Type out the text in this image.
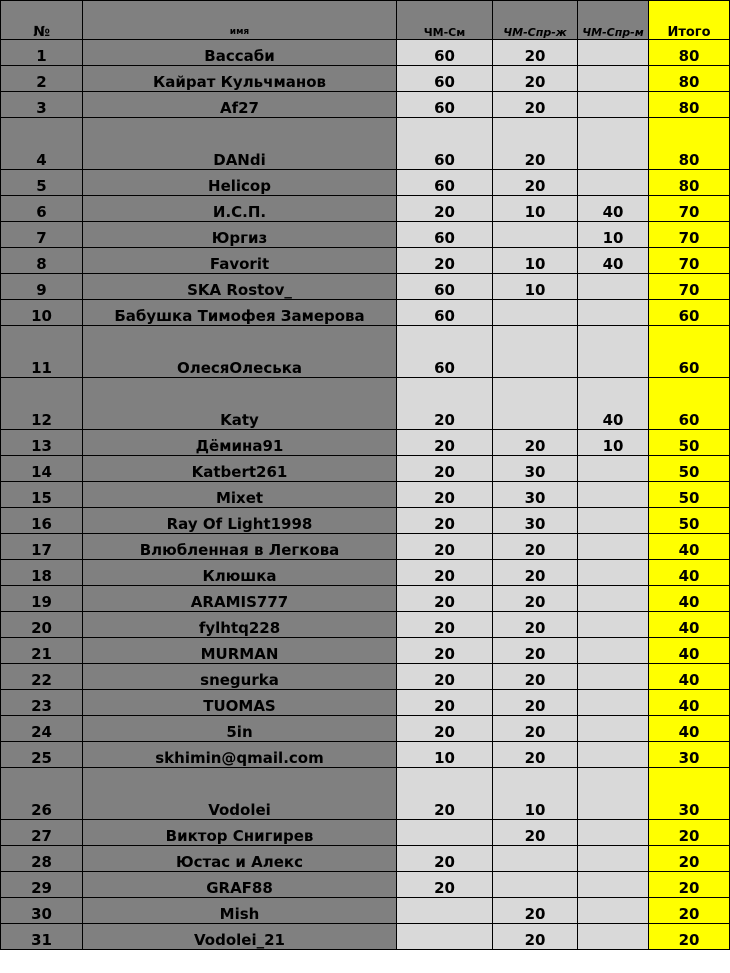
№	имя	ЧМ-См	ЧМ-Спр-ж	ЧМ-Спр-м	Итого
1	Вассаби	60	20		80
2	Кайрат Кульчманов	60	20		80
3	Af27	60	20		80
4	DANdi	60	20		80
5	Helicop	60	20		80
6	И.С.П.	20	10	40	70
7	Юргиз	60		10	70
8	Favorit	20	10	40	70
9	SKA Rostov_	60	10		70
10	Бабушка Тимофея Замерова	60			60
11	ОлесяОлеська	60			60
12	Katy	20		40	60
13	Дёмина91	20	20	10	50
14	Katbert261	20	30		50
15	Mixet	20	30		50
16	Ray Of Light1998	20	30		50
17	Влюбленная в Легкова	20	20		40
18	Клюшка	20	20		40
19	ARAMIS777	20	20		40
20	fylhtq228	20	20		40
21	MURMAN	20	20		40
22	snegurka	20	20		40
23	TUOMAS	20	20		40
24	5in	20	20		40
25	skhimin@qmail.com	10	20		30
26	Vodolei	20	10		30
27	Виктор Снигирев		20		20
28	Юстас и Алекс	20			20
29	GRAF88	20			20
30	Mish		20		20
31	Vodolei_21		20		20
